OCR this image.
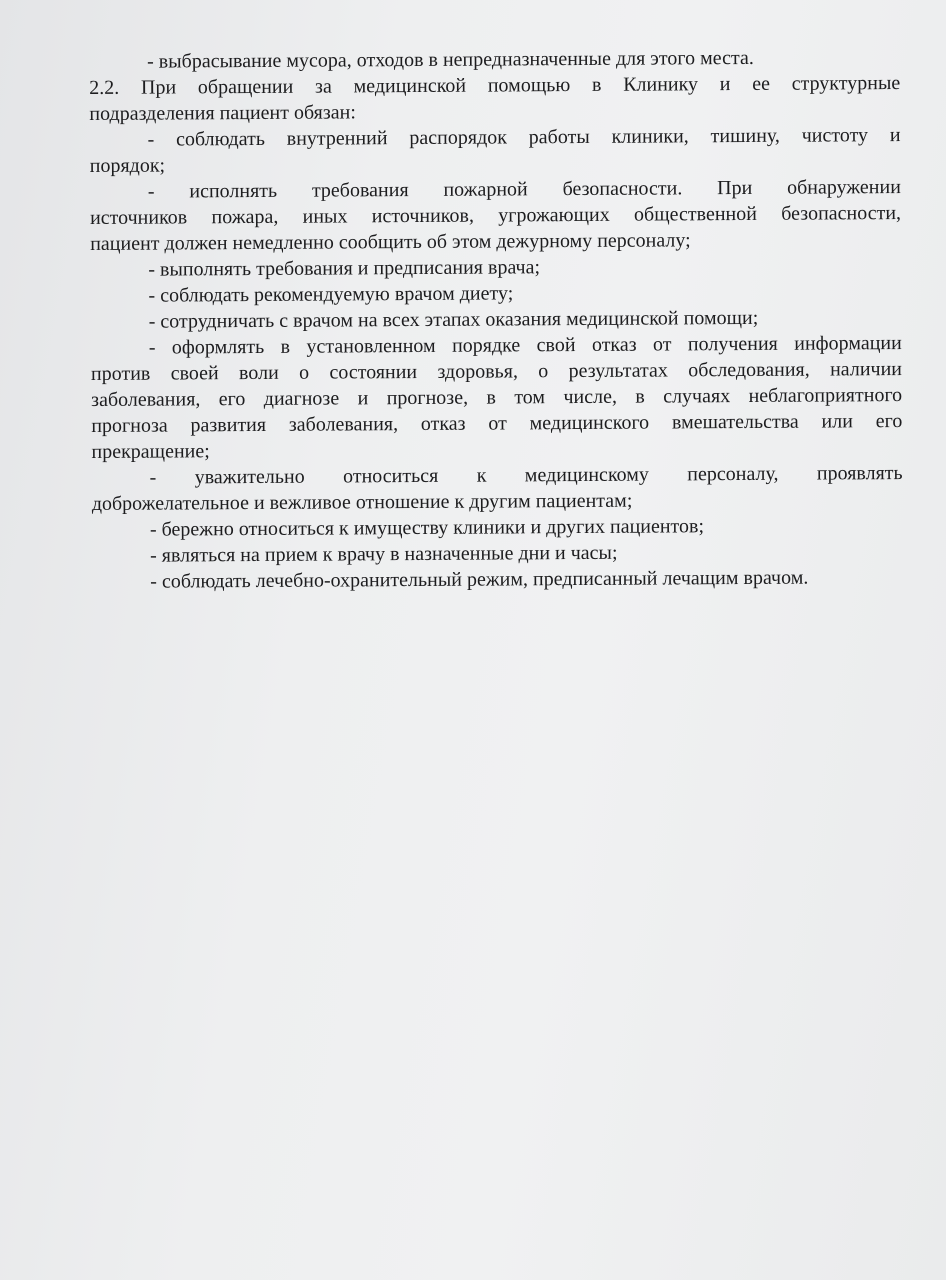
- выбрасывание мусора, отходов в непредназначенные для этого места.
2.2. При обращении за медицинской помощью в Клинику и ее структурные
подразделения пациент обязан:
- соблюдать внутренний распорядок работы клиники, тишину, чистоту и
порядок;
- исполнять требования пожарной безопасности. При обнаружении
источников пожара, иных источников, угрожающих общественной безопасности,
пациент должен немедленно сообщить об этом дежурному персоналу;
- выполнять требования и предписания врача;
- соблюдать рекомендуемую врачом диету;
- сотрудничать с врачом на всех этапах оказания медицинской помощи;
- оформлять в установленном порядке свой отказ от получения информации
против своей воли о состоянии здоровья, о результатах обследования, наличии
заболевания, его диагнозе и прогнозе, в том числе, в случаях неблагоприятного
прогноза развития заболевания, отказ от медицинского вмешательства или его
прекращение;
- уважительно относиться к медицинскому персоналу, проявлять
доброжелательное и вежливое отношение к другим пациентам;
- бережно относиться к имуществу клиники и других пациентов;
- являться на прием к врачу в назначенные дни и часы;
- соблюдать лечебно-охранительный режим, предписанный лечащим врачом.
